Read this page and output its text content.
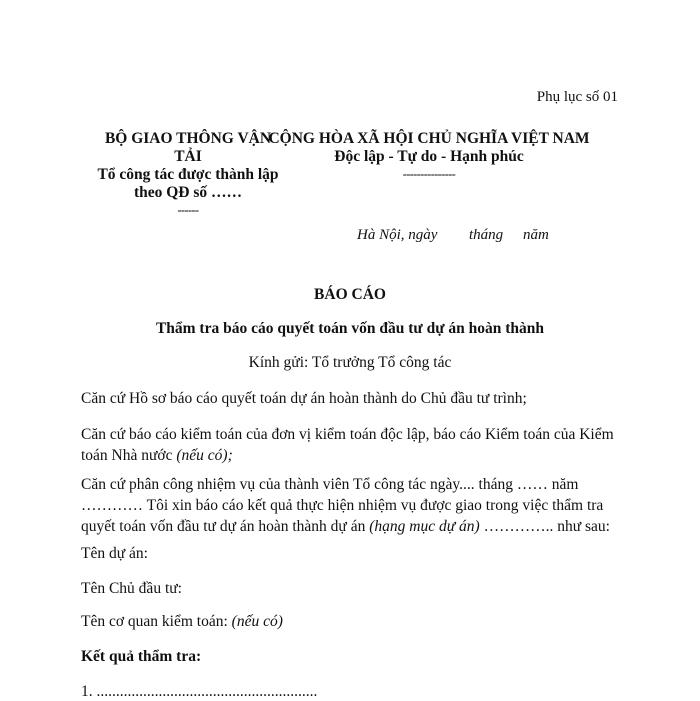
Phụ lục số 01
BỘ GIAO THÔNG VẬN
TẢI
Tổ công tác được thành lập
theo QĐ số ……
------
CỘNG HÒA XÃ HỘI CHỦ NGHĨA VIỆT NAM
Độc lập - Tự do - Hạnh phúc
---------------
Hà Nội, ngày tháng năm
BÁO CÁO
Thẩm tra báo cáo quyết toán vốn đầu tư dự án hoàn thành
Kính gửi: Tổ trưởng Tổ công tác
Căn cứ Hồ sơ báo cáo quyết toán dự án hoàn thành do Chủ đầu tư trình;
Căn cứ báo cáo kiểm toán của đơn vị kiểm toán độc lập, báo cáo Kiểm toán của Kiểm toán Nhà nước (nếu có);
Căn cứ phân công nhiệm vụ của thành viên Tổ công tác ngày.... tháng …… năm ………… Tôi xin báo cáo kết quả thực hiện nhiệm vụ được giao trong việc thẩm tra quyết toán vốn đầu tư dự án hoàn thành dự án (hạng mục dự án) ………….. như sau:
Tên dự án:
Tên Chủ đầu tư:
Tên cơ quan kiểm toán: (nếu có)
Kết quả thẩm tra:
1. .........................................................
